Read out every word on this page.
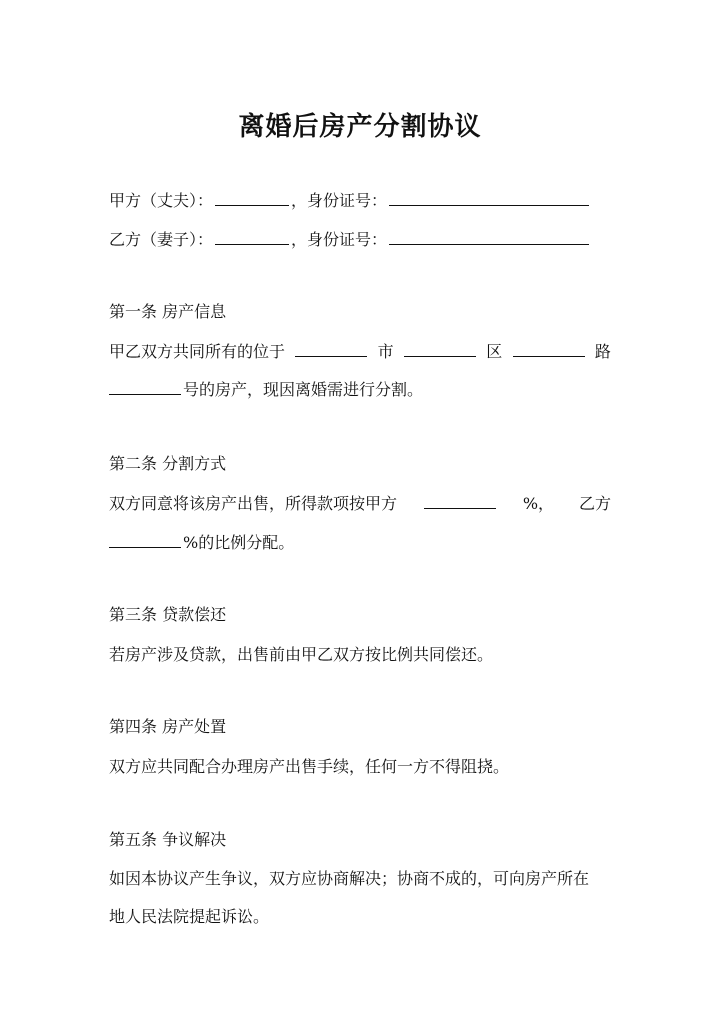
离婚后房产分割协议
甲方（丈夫）：	，身份证号：
乙方（妻子）：	，身份证号：
第一条 房产信息
甲乙双方共同所有的位于	市	区	路
号的房产，现因离婚需进行分割。
第二条 分割方式
双方同意将该房产出售，所得款项按甲方	%， 乙方
%的比例分配。
第三条 贷款偿还
若房产涉及贷款，出售前由甲乙双方按比例共同偿还。
第四条 房产处置
双方应共同配合办理房产出售手续，任何一方不得阻挠。
第五条 争议解决
如因本协议产生争议，双方应协商解决；协商不成的，可向房产所在
地人民法院提起诉讼。
